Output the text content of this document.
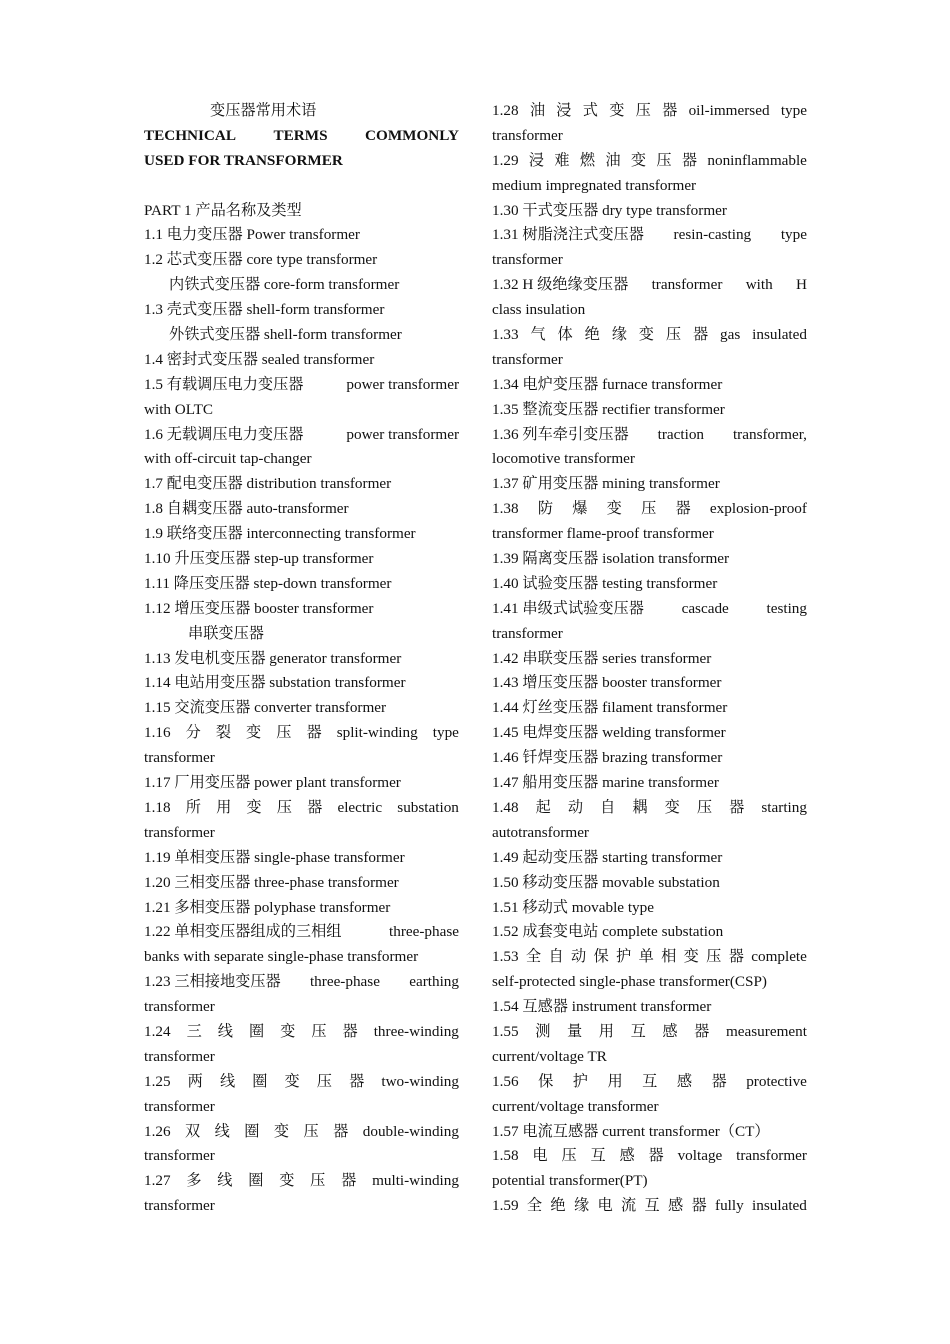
变压器常用术语
TECHNICAL TERMS COMMONLY
USED FOR TRANSFORMER
PART 1 产品名称及类型
1.1 电力变压器 Power transformer
1.2 芯式变压器 core type transformer
内铁式变压器 core-form transformer
1.3 壳式变压器 shell-form transformer
外铁式变压器 shell-form transformer
1.4 密封式变压器 sealed transformer
1.5 有载调压电力变压器	power transformer
with OLTC
1.6 无载调压电力变压器	power transformer
with off-circuit tap-changer
1.7 配电变压器 distribution transformer
1.8 自耦变压器 auto-transformer
1.9 联络变压器 interconnecting transformer
1.10 升压变压器 step-up transformer
1.11 降压变压器 step-down transformer
1.12 增压变压器 booster transformer
串联变压器
1.13 发电机变压器 generator transformer
1.14 电站用变压器 substation transformer
1.15 交流变压器 converter transformer
1.16 分 裂 变 压 器 split-winding type
transformer
1.17 厂用变压器 power plant transformer
1.18 所 用 变 压 器 electric substation
transformer
1.19 单相变压器 single-phase transformer
1.20 三相变压器 three-phase transformer
1.21 多相变压器 polyphase transformer
1.22 单相变压器组成的三相组	three-phase
banks with separate single-phase transformer
1.23 三相接地变压器 three-phase earthing
transformer
1.24 三 线 圈 变 压 器 three-winding
transformer
1.25 两 线 圈 变 压 器 two-winding
transformer
1.26 双 线 圈 变 压 器 double-winding
transformer
1.27 多 线 圈 变 压 器 multi-winding
transformer
1.28 油 浸 式 变 压 器 oil-immersed type
transformer
1.29 浸 难 燃 油 变 压 器 noninflammable
medium impregnated transformer
1.30 干式变压器 dry type transformer
1.31 树脂浇注式变压器 resin-casting type
transformer
1.32 H 级绝缘变压器 transformer with H
class insulation
1.33 气 体 绝 缘 变 压 器 gas insulated
transformer
1.34 电炉变压器 furnace transformer
1.35 整流变压器 rectifier transformer
1.36 列车牵引变压器 traction transformer,
locomotive transformer
1.37 矿用变压器 mining transformer
1.38 防 爆 变 压 器 explosion-proof
transformer flame-proof transformer
1.39 隔离变压器 isolation transformer
1.40 试验变压器 testing transformer
1.41 串级式试验变压器 cascade testing
transformer
1.42 串联变压器 series transformer
1.43 增压变压器 booster transformer
1.44 灯丝变压器 filament transformer
1.45 电焊变压器 welding transformer
1.46 钎焊变压器 brazing transformer
1.47 船用变压器 marine transformer
1.48 起 动 自 耦 变 压 器 starting
autotransformer
1.49 起动变压器 starting transformer
1.50 移动变压器 movable substation
1.51 移动式 movable type
1.52 成套变电站 complete substation
1.53 全 自 动 保 护 单 相 变 压 器 complete
self-protected single-phase transformer(CSP)
1.54 互感器 instrument transformer
1.55 测 量 用 互 感 器 measurement
current/voltage TR
1.56 保 护 用 互 感 器 protective
current/voltage transformer
1.57 电流互感器 current transformer（CT）
1.58 电 压 互 感 器 voltage transformer
potential transformer(PT)
1.59 全 绝 缘 电 流 互 感 器 fully insulated
